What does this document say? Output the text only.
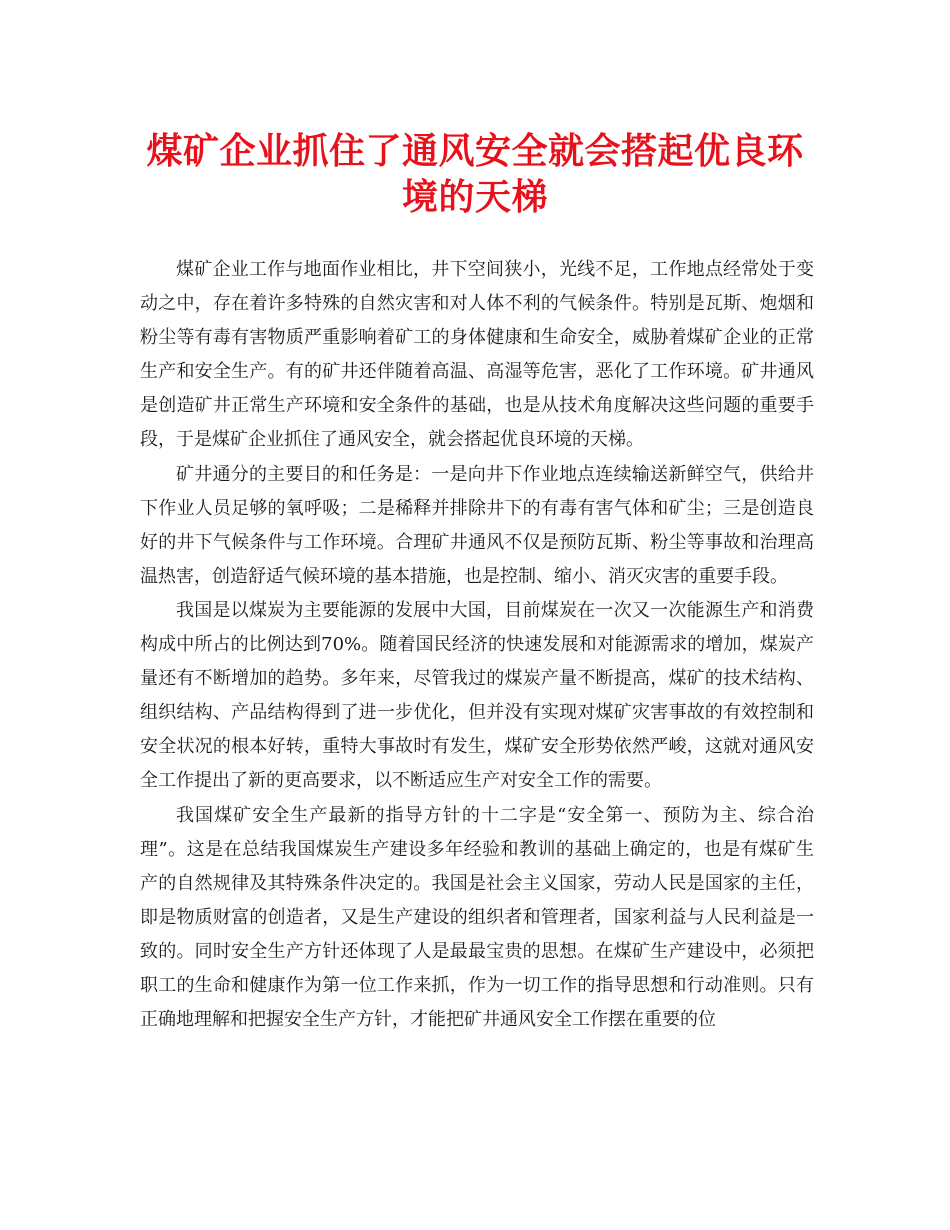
煤矿企业抓住了通风安全就会搭起优良环境的天梯

煤矿企业工作与地面作业相比，井下空间狭小，光线不足，工作地点经常处于变动之中，存在着许多特殊的自然灾害和对人体不利的气候条件。特别是瓦斯、炮烟和粉尘等有毒有害物质严重影响着矿工的身体健康和生命安全，威胁着煤矿企业的正常生产和安全生产。有的矿井还伴随着高温、高湿等危害，恶化了工作环境。矿井通风是创造矿井正常生产环境和安全条件的基础，也是从技术角度解决这些问题的重要手段，于是煤矿企业抓住了通风安全，就会搭起优良环境的天梯。

矿井通分的主要目的和任务是：一是向井下作业地点连续输送新鲜空气，供给井下作业人员足够的氧呼吸；二是稀释并排除井下的有毒有害气体和矿尘；三是创造良好的井下气候条件与工作环境。合理矿井通风不仅是预防瓦斯、粉尘等事故和治理高温热害，创造舒适气候环境的基本措施，也是控制、缩小、消灭灾害的重要手段。

我国是以煤炭为主要能源的发展中大国，目前煤炭在一次又一次能源生产和消费构成中所占的比例达到70%。随着国民经济的快速发展和对能源需求的增加，煤炭产量还有不断增加的趋势。多年来，尽管我过的煤炭产量不断提高，煤矿的技术结构、组织结构、产品结构得到了进一步优化，但并没有实现对煤矿灾害事故的有效控制和安全状况的根本好转，重特大事故时有发生，煤矿安全形势依然严峻，这就对通风安全工作提出了新的更高要求，以不断适应生产对安全工作的需要。

我国煤矿安全生产最新的指导方针的十二字是“安全第一、预防为主、综合治理”。这是在总结我国煤炭生产建设多年经验和教训的基础上确定的，也是有煤矿生产的自然规律及其特殊条件决定的。我国是社会主义国家，劳动人民是国家的主任，即是物质财富的创造者，又是生产建设的组织者和管理者，国家利益与人民利益是一致的。同时安全生产方针还体现了人是最最宝贵的思想。在煤矿生产建设中，必须把职工的生命和健康作为第一位工作来抓，作为一切工作的指导思想和行动准则。只有正确地理解和把握安全生产方针，才能把矿井通风安全工作摆在重要的位
